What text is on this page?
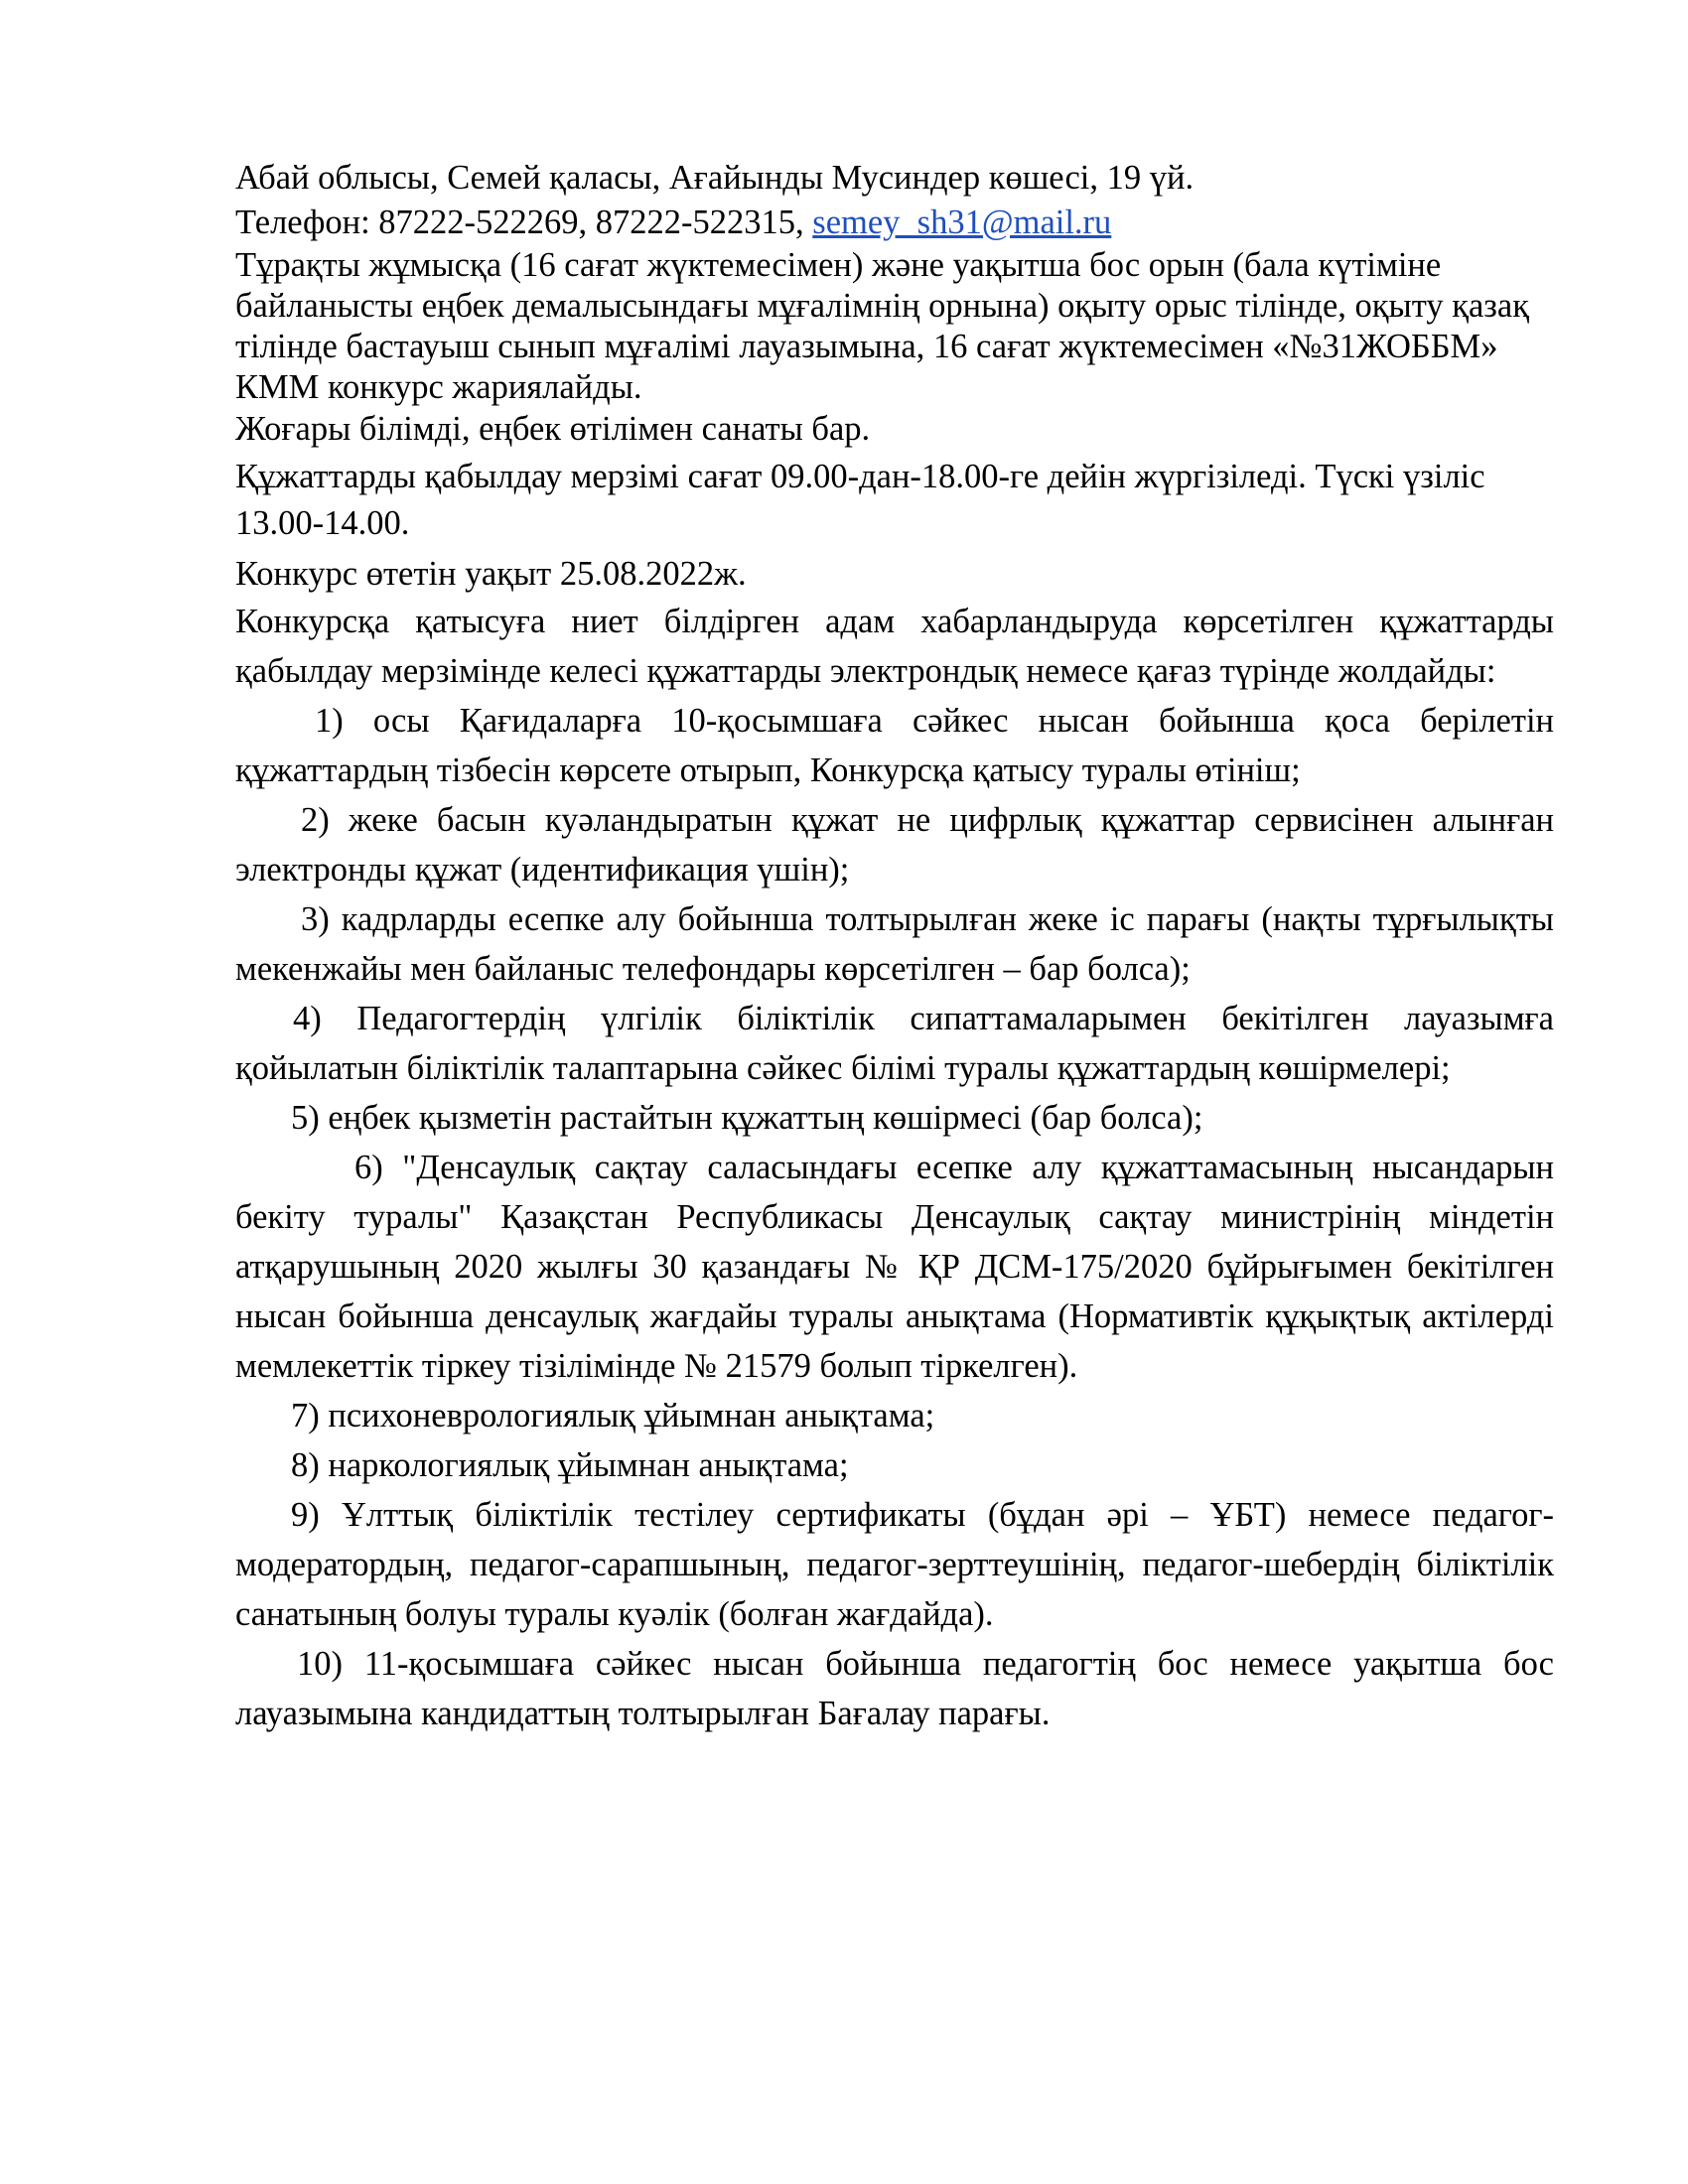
Абай облысы, Семей қаласы, Ағайынды Мусиндер көшесі, 19 үй.

Телефон: 87222-522269, 87222-522315, semey_sh31@mail.ru

Тұрақты жұмысқа (16 сағат жүктемесімен) және уақытша бос орын (бала күтіміне байланысты еңбек демалысындағы мұғалімнің орнына) оқыту орыс тілінде, оқыту қазақ тілінде бастауыш сынып мұғалімі лауазымына, 16 сағат жүктемесімен «№31ЖОББМ» КММ конкурс жариялайды.

Жоғары білімді, еңбек өтілімен санаты бар.

Құжаттарды қабылдау мерзімі сағат 09.00-дан-18.00-ге дейін жүргізіледі. Түскі үзіліс 13.00-14.00.

Конкурс өтетін уақыт 25.08.2022ж.

Конкурсқа қатысуға ниет білдірген адам хабарландыруда көрсетілген құжаттарды қабылдау мерзімінде келесі құжаттарды электрондық немесе қағаз түрінде жолдайды:

1) осы Қағидаларға 10-қосымшаға сәйкес нысан бойынша қоса берілетін құжаттардың тізбесін көрсете отырып, Конкурсқа қатысу туралы өтініш;

2) жеке басын куәландыратын құжат не цифрлық құжаттар сервисінен алынған электронды құжат (идентификация үшін);

3) кадрларды есепке алу бойынша толтырылған жеке іс парағы (нақты тұрғылықты мекенжайы мен байланыс телефондары көрсетілген – бар болса);

4) Педагогтердің үлгілік біліктілік сипаттамаларымен бекітілген лауазымға қойылатын біліктілік талаптарына сәйкес білімі туралы құжаттардың көшірмелері;

5) еңбек қызметін растайтын құжаттың көшірмесі (бар болса);

6) "Денсаулық сақтау саласындағы есепке алу құжаттамасының нысандарын бекіту туралы" Қазақстан Республикасы Денсаулық сақтау министрінің міндетін атқарушының 2020 жылғы 30 қазандағы № ҚР ДСМ-175/2020 бұйрығымен бекітілген нысан бойынша денсаулық жағдайы туралы анықтама (Нормативтік құқықтық актілерді мемлекеттік тіркеу тізілімінде № 21579 болып тіркелген).

7) психоневрологиялық ұйымнан анықтама;

8) наркологиялық ұйымнан анықтама;

9) Ұлттық біліктілік тестілеу сертификаты (бұдан әрі – ҰБТ) немесе педагог-модератордың, педагог-сарапшының, педагог-зерттеушінің, педагог-шебердің біліктілік санатының болуы туралы куәлік (болған жағдайда).

10) 11-қосымшаға сәйкес нысан бойынша педагогтің бос немесе уақытша бос лауазымына кандидаттың толтырылған Бағалау парағы.
